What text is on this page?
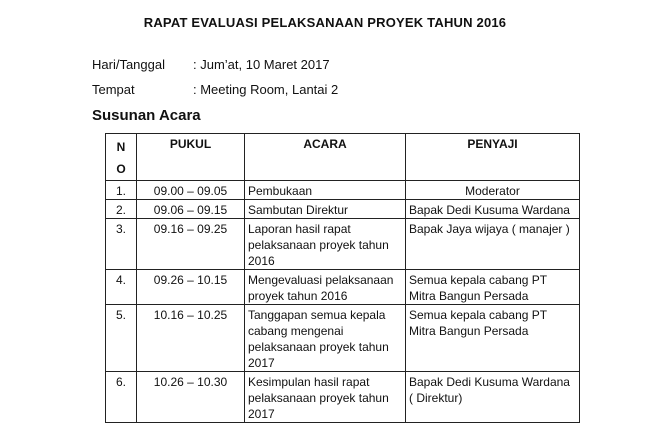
RAPAT EVALUASI PELAKSANAAN PROYEK TAHUN 2016
Hari/Tanggal : Jum’at, 10 Maret 2017
Tempat	: Meeting Room, Lantai 2
Susunan Acara
N
O	PUKUL	ACARA	PENYAJI
1.	09.00 – 09.05	Pembukaan	Moderator
2.	09.06 – 09.15	Sambutan Direktur	Bapak Dedi Kusuma Wardana
3.	09.16 – 09.25	Laporan hasil rapat pelaksanaan proyek tahun 2016	Bapak Jaya wijaya ( manajer )
4.	09.26 – 10.15	Mengevaluasi pelaksanaan proyek tahun 2016	Semua kepala cabang PT Mitra Bangun Persada
5.	10.16 – 10.25	Tanggapan semua kepala cabang mengenai pelaksanaan proyek tahun 2017	Semua kepala cabang PT Mitra Bangun Persada
6.	10.26 – 10.30	Kesimpulan hasil rapat pelaksanaan proyek tahun 2017	Bapak Dedi Kusuma Wardana ( Direktur)
